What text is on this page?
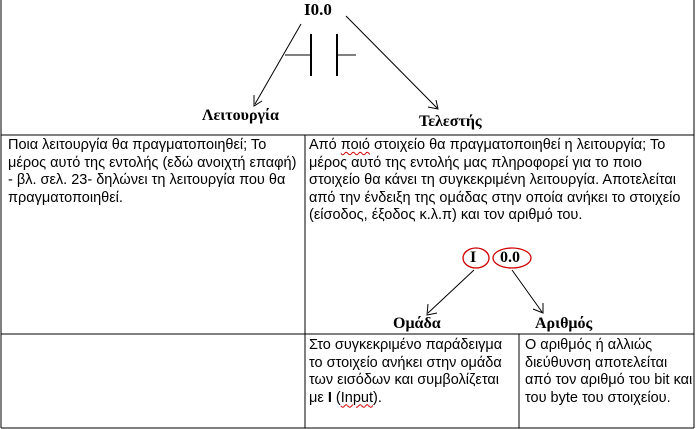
I0.0
Λειτουργία	Τελεστής
Ποια λειτουργία θα πραγματοποιηθεί; Το μέρος αυτό της εντολής (εδώ ανοιχτή επαφή) - βλ. σελ. 23- δηλώνει τη λειτουργία που θα πραγματοποιηθεί.
Από ποιό στοιχείο θα πραγματοποιηθεί η λειτουργία; Το μέρος αυτό της εντολής μας πληροφορεί για το ποιο στοιχείο θα κάνει τη συγκεκριμένη λειτουργία. Αποτελείται από την ένδειξη της ομάδας στην οποία ανήκει το στοιχείο (είσοδος, έξοδος κ.λ.π) και τον αριθμό του.
I 0.0
Ομάδα	Αριθμός
Στο συγκεκριμένο παράδειγμα το στοιχείο ανήκει στην ομάδα των εισόδων και συμβολίζεται με I (Input).
Ο αριθμός ή αλλιώς διεύθυνση αποτελείται από τον αριθμό του bit και του byte του στοιχείου.
